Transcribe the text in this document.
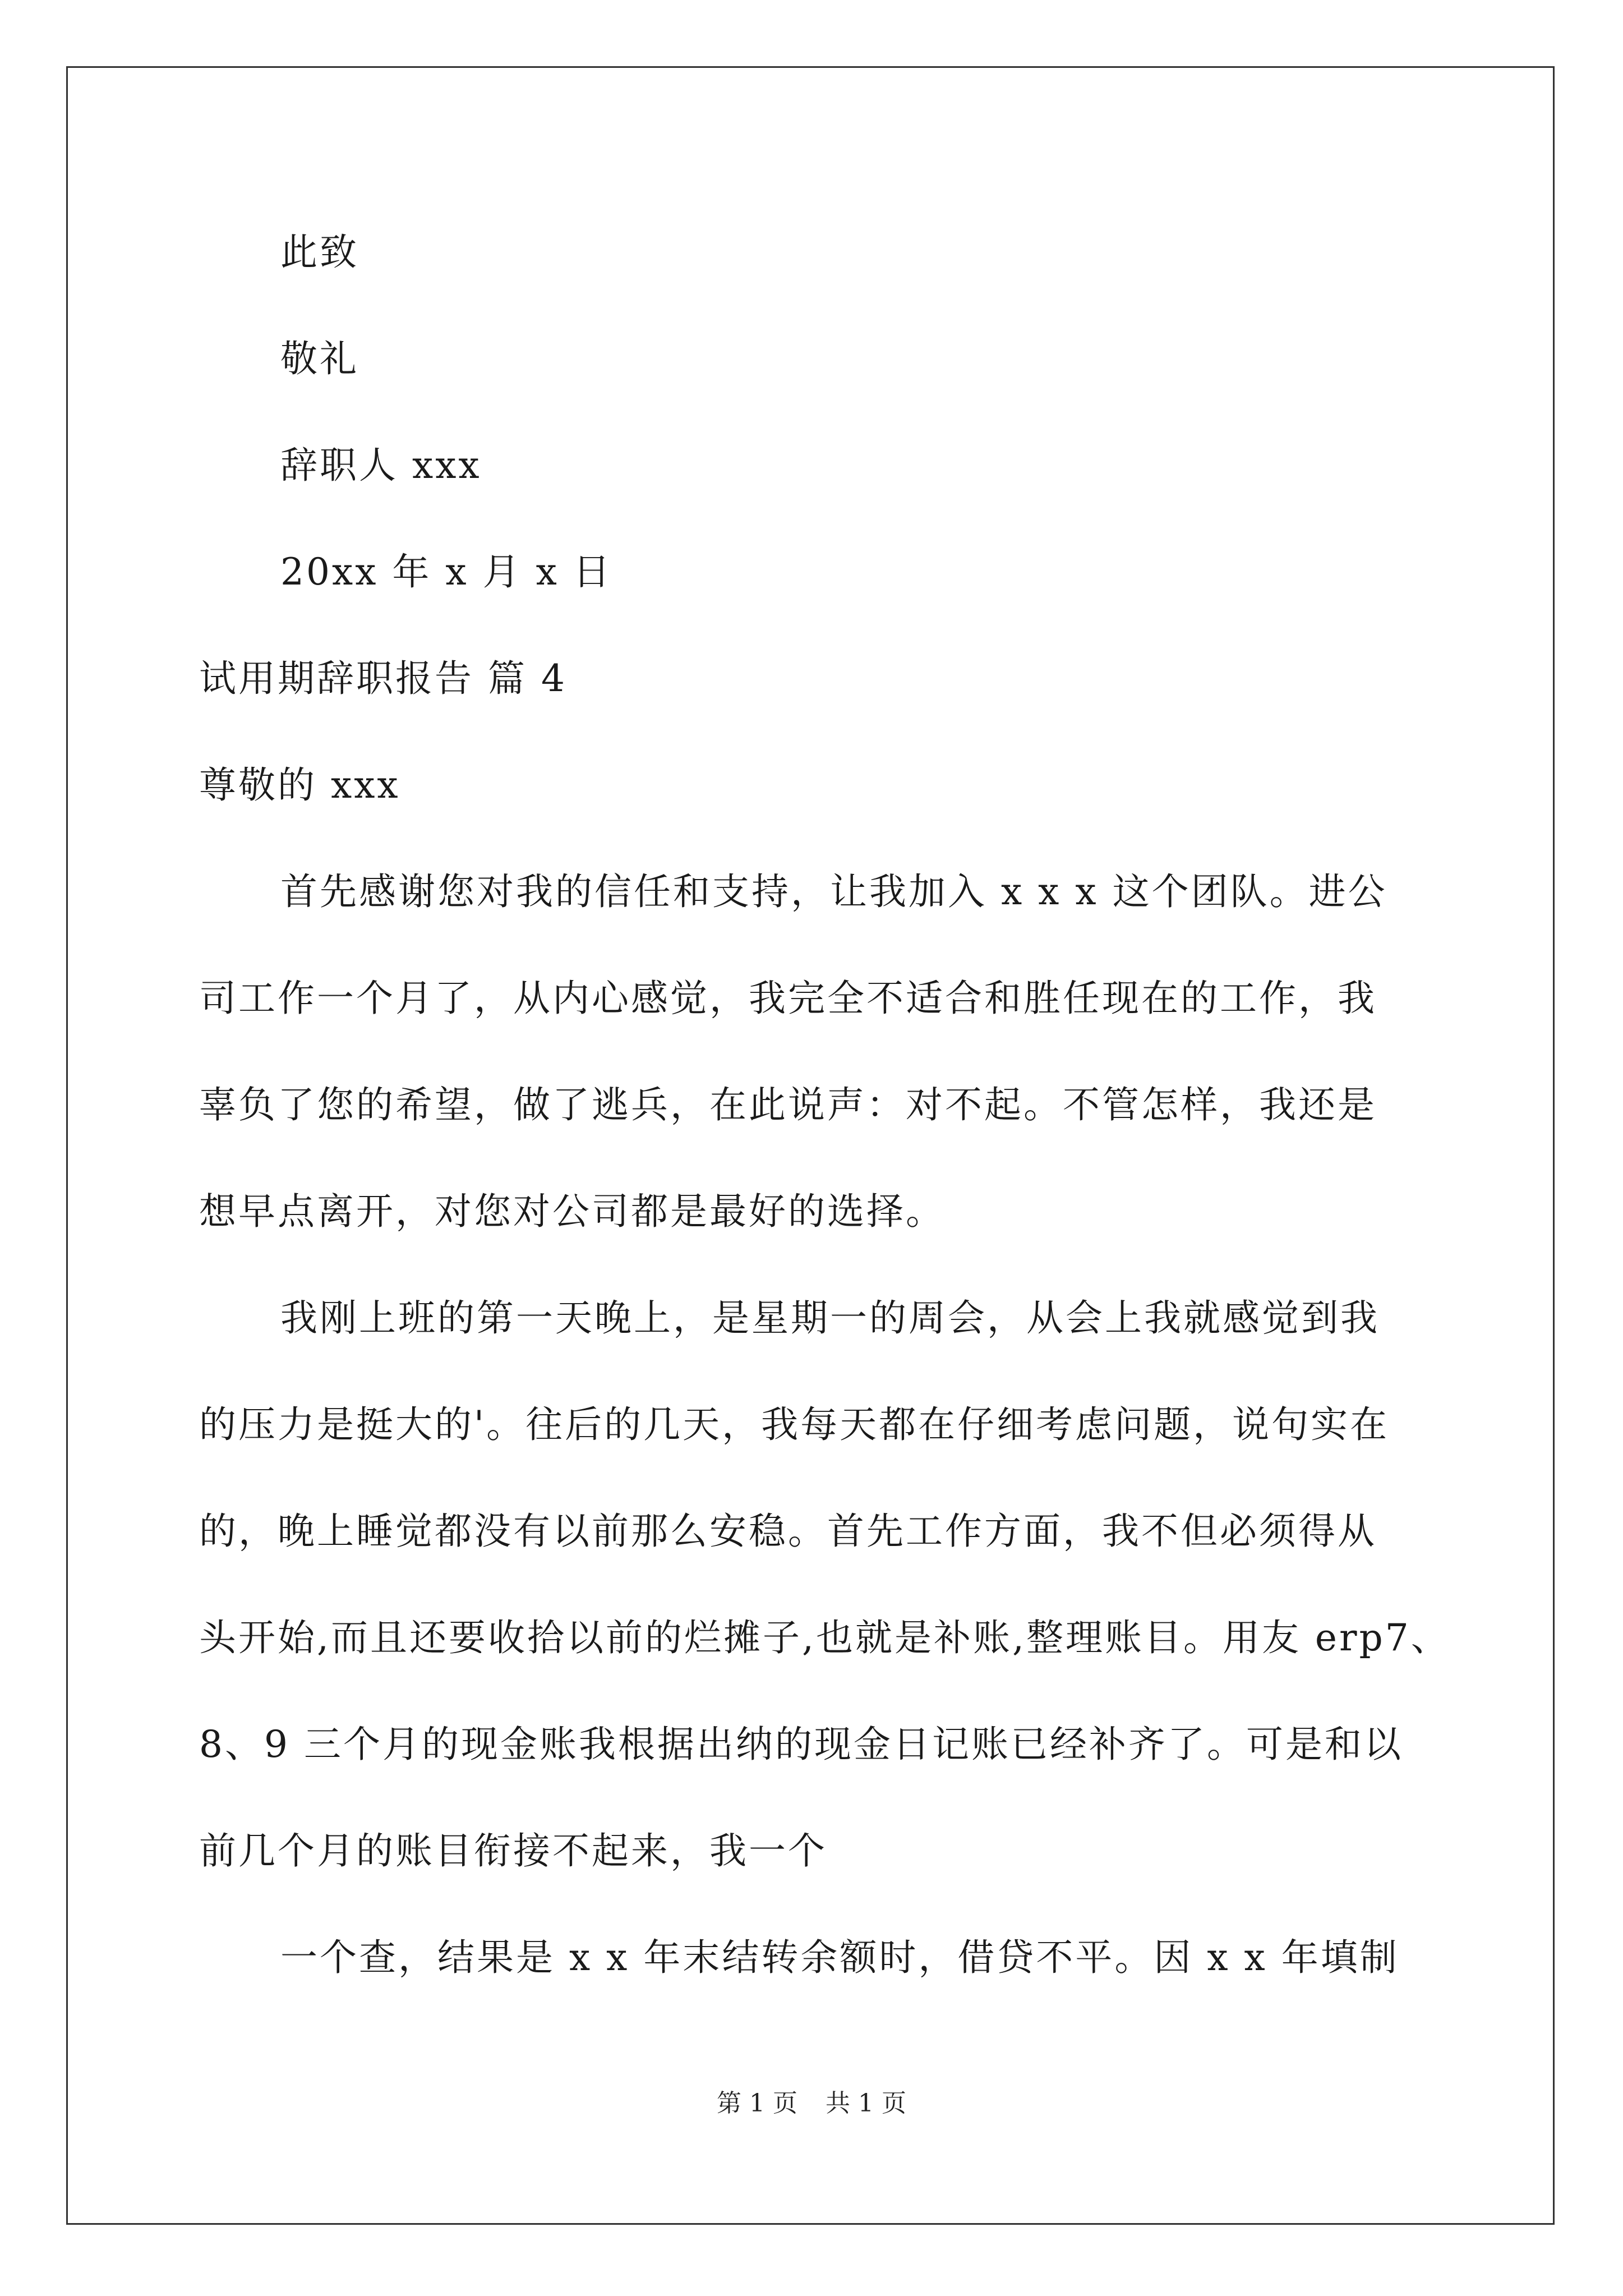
此致
敬礼
辞职人 xxx
20xx 年 x 月 x 日
试用期辞职报告 篇 4
尊敬的 xxx
首先感谢您对我的信任和支持，让我加入 x x x 这个团队。进公
司工作一个月了，从内心感觉，我完全不适合和胜任现在的工作，我
辜负了您的希望，做了逃兵，在此说声：对不起。不管怎样，我还是
想早点离开，对您对公司都是最好的选择。
我刚上班的第一天晚上，是星期一的周会，从会上我就感觉到我
的压力是挺大的'。往后的几天，我每天都在仔细考虑问题，说句实在
的，晚上睡觉都没有以前那么安稳。首先工作方面，我不但必须得从
头开始,而且还要收拾以前的烂摊子,也就是补账,整理账目。用友 erp7、
8、9 三个月的现金账我根据出纳的现金日记账已经补齐了。可是和以
前几个月的账目衔接不起来，我一个
一个查，结果是 x x 年末结转余额时，借贷不平。因 x x 年填制
第 1 页 共 1 页
